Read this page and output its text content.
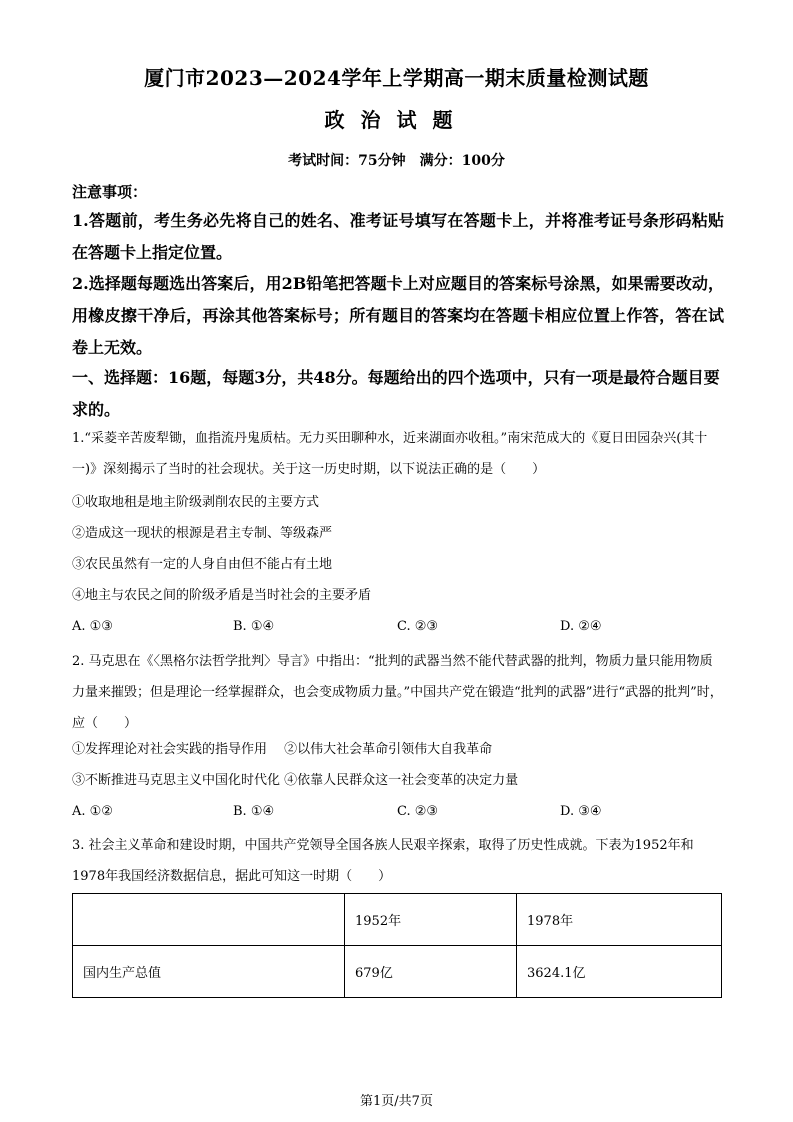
厦门市2023—2024学年上学期高一期末质量检测试题
政治试题
考试时间：75分钟　满分：100分
注意事项：
1.答题前，考生务必先将自己的姓名、准考证号填写在答题卡上，并将准考证号条形码粘贴在答题卡上指定位置。
2.选择题每题选出答案后，用2B铅笔把答题卡上对应题目的答案标号涂黑，如果需要改动，用橡皮擦干净后，再涂其他答案标号；所有题目的答案均在答题卡相应位置上作答，答在试卷上无效。
一、选择题：16题，每题3分，共48分。每题给出的四个选项中，只有一项是最符合题目要求的。
1.“采菱辛苦废犁锄，血指流丹鬼质枯。无力买田聊种水，近来湖面亦收租。”南宋范成大的《夏日田园杂兴(其十一)》深刻揭示了当时的社会现状。关于这一历史时期，以下说法正确的是（　　）
①收取地租是地主阶级剥削农民的主要方式
②造成这一现状的根源是君主专制、等级森严
③农民虽然有一定的人身自由但不能占有土地
④地主与农民之间的阶级矛盾是当时社会的主要矛盾
A. ①③	B. ①④	C. ②③	D. ②④
2. 马克思在《〈黑格尔法哲学批判〉导言》中指出：“批判的武器当然不能代替武器的批判，物质力量只能用物质力量来摧毁；但是理论一经掌握群众，也会变成物质力量。”中国共产党在锻造“批判的武器”进行“武器的批判”时，应（　　）
①发挥理论对社会实践的指导作用　 ②以伟大社会革命引领伟大自我革命
③不断推进马克思主义中国化时代化 ④依靠人民群众这一社会变革的决定力量
A. ①②	B. ①④	C. ②③	D. ③④
3. 社会主义革命和建设时期，中国共产党领导全国各族人民艰辛探索，取得了历史性成就。下表为1952年和1978年我国经济数据信息，据此可知这一时期（　　）
	1952年	1978年
国内生产总值	679亿	3624.1亿
第1页/共7页
